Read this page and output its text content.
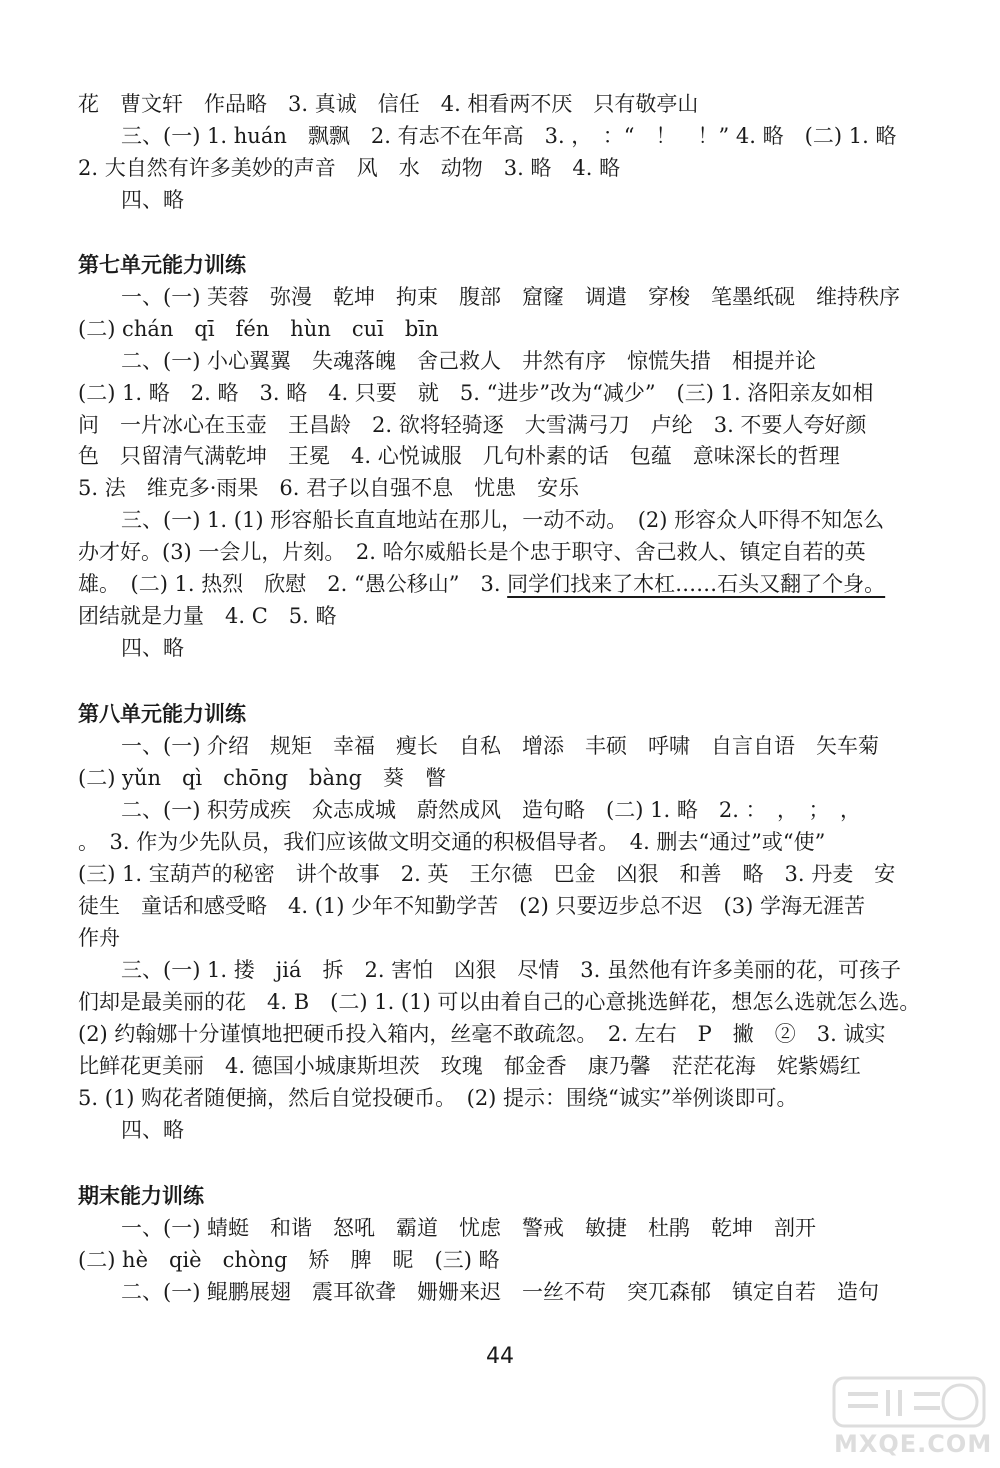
花　曹文轩　作品略　3. 真诚　信任　4. 相看两不厌　只有敬亭山
三、(一) 1. huán　飘飘　2. 有志不在年高　3. ，　：“　！　！” 4. 略　(二) 1. 略
2. 大自然有许多美妙的声音　风　水　动物　3. 略　4. 略
四、略
第七单元能力训练
一、(一) 芙蓉　弥漫　乾坤　拘束　腹部　窟窿　调遣　穿梭　笔墨纸砚　维持秩序
(二) chán　qī　fén　hùn　cuī　bīn
二、(一) 小心翼翼　失魂落魄　舍己救人　井然有序　惊慌失措　相提并论
(二) 1. 略　2. 略　3. 略　4. 只要　就　5. “进步”改为“减少”　(三) 1. 洛阳亲友如相
问　一片冰心在玉壶　王昌龄　2. 欲将轻骑逐　大雪满弓刀　卢纶　3. 不要人夸好颜
色　只留清气满乾坤　王冕　4. 心悦诚服　几句朴素的话　包蕴　意味深长的哲理
5. 法　维克多·雨果　6. 君子以自强不息　忧患　安乐
三、(一) 1. (1) 形容船长直直地站在那儿，一动不动。　(2) 形容众人吓得不知怎么
办才好。(3) 一会儿，片刻。　2. 哈尔威船长是个忠于职守、舍己救人、镇定自若的英
雄。　(二) 1. 热烈　欣慰　2. “愚公移山”　3. 同学们找来了木杠……石头又翻了个身。
团结就是力量　4. C　5. 略
四、略
第八单元能力训练
一、(一) 介绍　规矩　幸福　瘦长　自私　增添　丰硕　呼啸　自言自语　矢车菊
(二) yǔn　qì　chōng　bàng　葵　瞥
二、(一) 积劳成疾　众志成城　蔚然成风　造句略　(二) 1. 略　2. ：　，　；　，
。　3. 作为少先队员，我们应该做文明交通的积极倡导者。　4. 删去“通过”或“使”
(三) 1. 宝葫芦的秘密　讲个故事　2. 英　王尔德　巴金　凶狠　和善　略　3. 丹麦　安
徒生　童话和感受略　4. (1) 少年不知勤学苦　(2) 只要迈步总不迟　(3) 学海无涯苦
作舟
三、(一) 1. 搂　jiá　拆　2. 害怕　凶狠　尽情　3. 虽然他有许多美丽的花，可孩子
们却是最美丽的花　4. B　(二) 1. (1) 可以由着自己的心意挑选鲜花，想怎么选就怎么选。
(2) 约翰娜十分谨慎地把硬币投入箱内，丝毫不敢疏忽。　2. 左右　P　撇　②　3. 诚实
比鲜花更美丽　4. 德国小城康斯坦茨　玫瑰　郁金香　康乃馨　茫茫花海　姹紫嫣红
5. (1) 购花者随便摘，然后自觉投硬币。　(2) 提示：围绕“诚实”举例谈即可。
四、略
期末能力训练
一、(一) 蜻蜓　和谐　怒吼　霸道　忧虑　警戒　敏捷　杜鹃　乾坤　剖开
(二) hè　qiè　chòng　矫　脾　昵　(三) 略
二、(一) 鲲鹏展翅　震耳欲聋　姗姗来迟　一丝不苟　突兀森郁　镇定自若　造句
44
MXQE.COM
